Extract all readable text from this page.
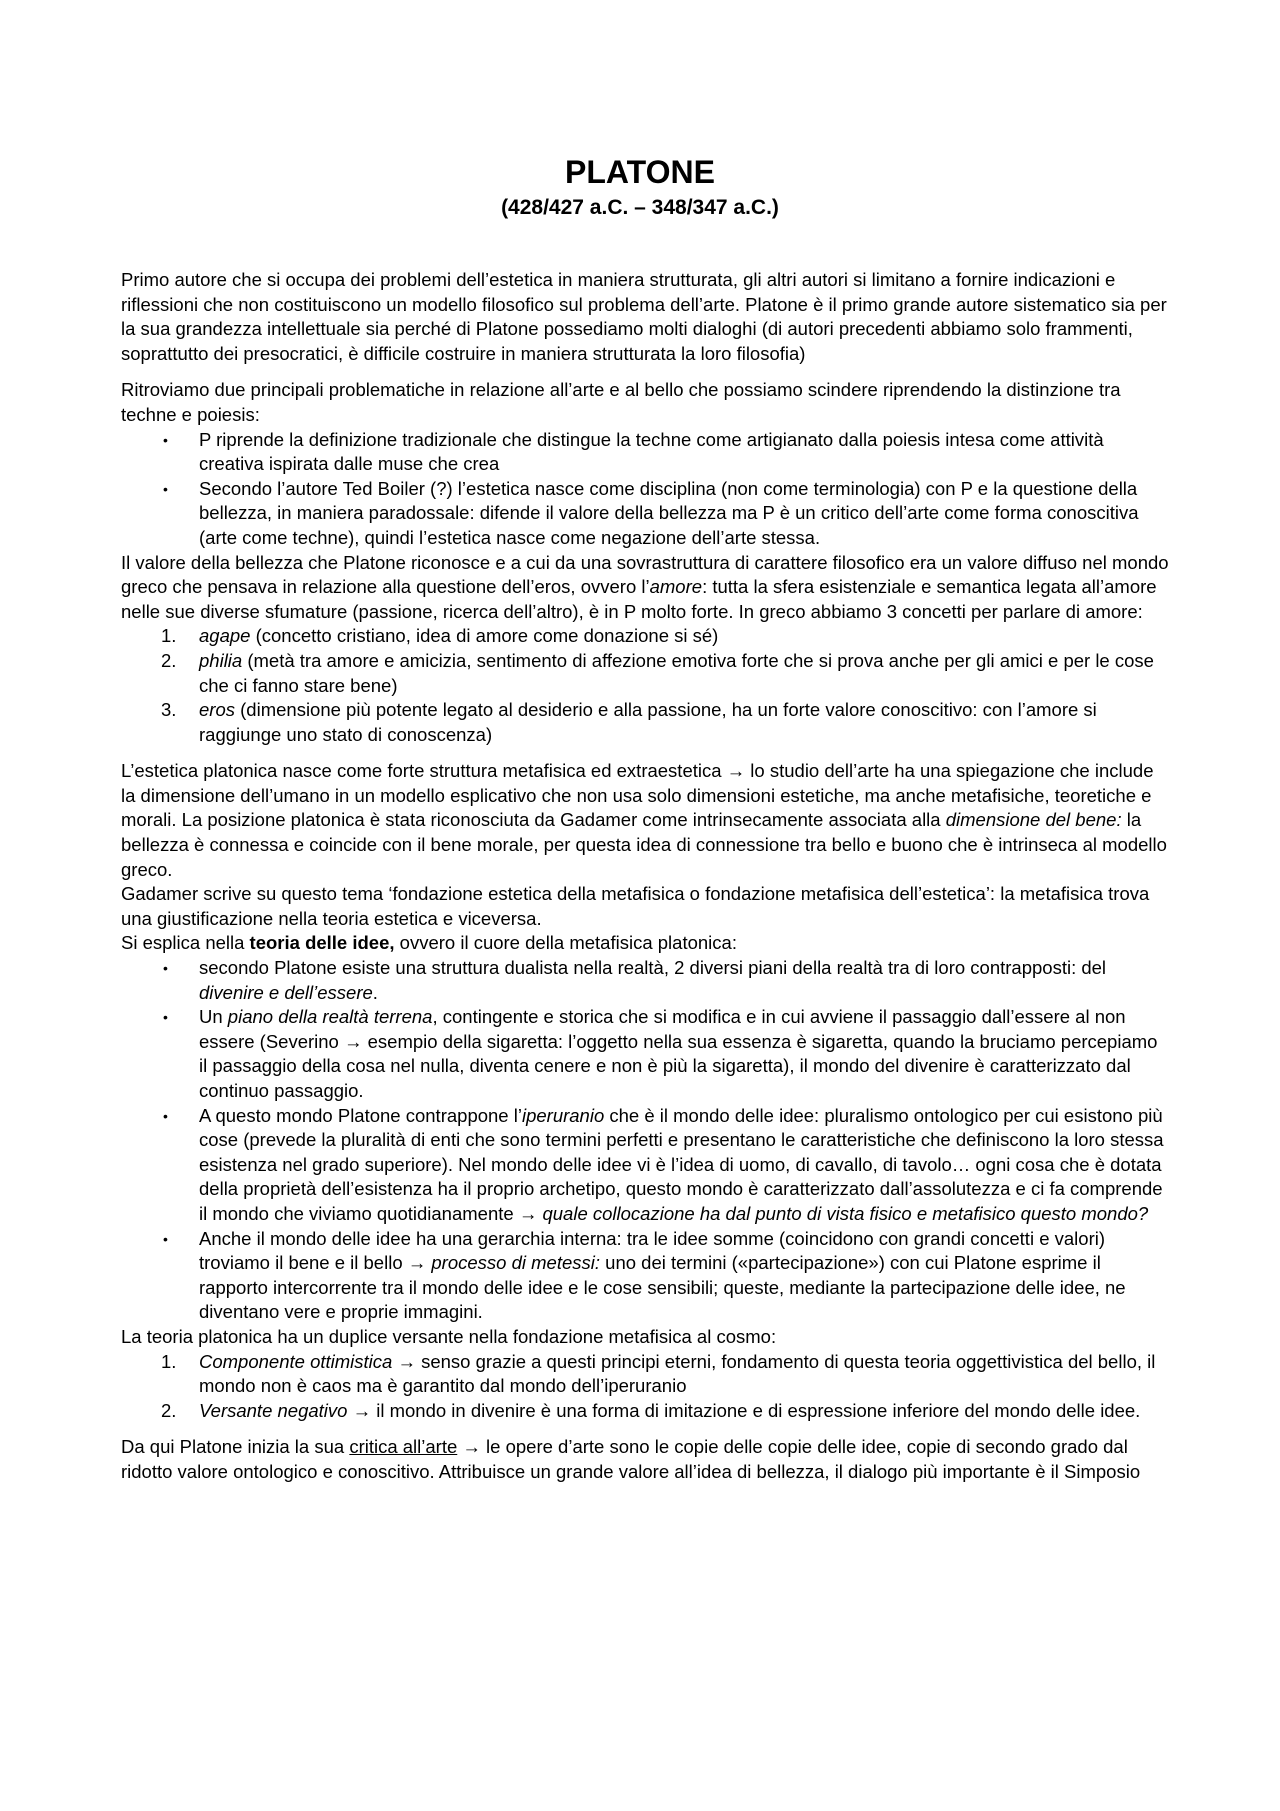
PLATONE
(428/427 a.C. – 348/347 a.C.)

Primo autore che si occupa dei problemi dell’estetica in maniera strutturata, gli altri autori si limitano a fornire indicazioni e riflessioni che non costituiscono un modello filosofico sul problema dell’arte. Platone è il primo grande autore sistematico sia per la sua grandezza intellettuale sia perché di Platone possediamo molti dialoghi (di autori precedenti abbiamo solo frammenti, soprattutto dei presocratici, è difficile costruire in maniera strutturata la loro filosofia)

Ritroviamo due principali problematiche in relazione all’arte e al bello che possiamo scindere riprendendo la distinzione tra techne e poiesis:

• P riprende la definizione tradizionale che distingue la techne come artigianato dalla poiesis intesa come attività creativa ispirata dalle muse che crea
• Secondo l’autore Ted Boiler (?) l’estetica nasce come disciplina (non come terminologia) con P e la questione della bellezza, in maniera paradossale: difende il valore della bellezza ma P è un critico dell’arte come forma conoscitiva (arte come techne), quindi l’estetica nasce come negazione dell’arte stessa.

Il valore della bellezza che Platone riconosce e a cui da una sovrastruttura di carattere filosofico era un valore diffuso nel mondo greco che pensava in relazione alla questione dell’eros, ovvero l’amore: tutta la sfera esistenziale e semantica legata all’amore nelle sue diverse sfumature (passione, ricerca dell’altro), è in P molto forte. In greco abbiamo 3 concetti per parlare di amore:

1. agape (concetto cristiano, idea di amore come donazione si sé)
2. philia (metà tra amore e amicizia, sentimento di affezione emotiva forte che si prova anche per gli amici e per le cose che ci fanno stare bene)
3. eros (dimensione più potente legato al desiderio e alla passione, ha un forte valore conoscitivo: con l’amore si raggiunge uno stato di conoscenza)

L’estetica platonica nasce come forte struttura metafisica ed extraestetica → lo studio dell’arte ha una spiegazione che include la dimensione dell’umano in un modello esplicativo che non usa solo dimensioni estetiche, ma anche metafisiche, teoretiche e morali. La posizione platonica è stata riconosciuta da Gadamer come intrinsecamente associata alla dimensione del bene: la bellezza è connessa e coincide con il bene morale, per questa idea di connessione tra bello e buono che è intrinseca al modello greco.

Gadamer scrive su questo tema ‘fondazione estetica della metafisica o fondazione metafisica dell’estetica’: la metafisica trova una giustificazione nella teoria estetica e viceversa.

Si esplica nella teoria delle idee, ovvero il cuore della metafisica platonica:

• secondo Platone esiste una struttura dualista nella realtà, 2 diversi piani della realtà tra di loro contrapposti: del divenire e dell’essere.
• Un piano della realtà terrena, contingente e storica che si modifica e in cui avviene il passaggio dall’essere al non essere (Severino → esempio della sigaretta: l’oggetto nella sua essenza è sigaretta, quando la bruciamo percepiamo il passaggio della cosa nel nulla, diventa cenere e non è più la sigaretta), il mondo del divenire è caratterizzato dal continuo passaggio.
• A questo mondo Platone contrappone l’iperuranio che è il mondo delle idee: pluralismo ontologico per cui esistono più cose (prevede la pluralità di enti che sono termini perfetti e presentano le caratteristiche che definiscono la loro stessa esistenza nel grado superiore). Nel mondo delle idee vi è l’idea di uomo, di cavallo, di tavolo… ogni cosa che è dotata della proprietà dell’esistenza ha il proprio archetipo, questo mondo è caratterizzato dall’assolutezza e ci fa comprende il mondo che viviamo quotidianamente → quale collocazione ha dal punto di vista fisico e metafisico questo mondo?
• Anche il mondo delle idee ha una gerarchia interna: tra le idee somme (coincidono con grandi concetti e valori) troviamo il bene e il bello → processo di metessi: uno dei termini («partecipazione») con cui Platone esprime il rapporto intercorrente tra il mondo delle idee e le cose sensibili; queste, mediante la partecipazione delle idee, ne diventano vere e proprie immagini.

La teoria platonica ha un duplice versante nella fondazione metafisica al cosmo:

1. Componente ottimistica → senso grazie a questi principi eterni, fondamento di questa teoria oggettivistica del bello, il mondo non è caos ma è garantito dal mondo dell’iperuranio
2. Versante negativo → il mondo in divenire è una forma di imitazione e di espressione inferiore del mondo delle idee.

Da qui Platone inizia la sua critica all’arte → le opere d’arte sono le copie delle copie delle idee, copie di secondo grado dal ridotto valore ontologico e conoscitivo. Attribuisce un grande valore all’idea di bellezza, il dialogo più importante è il Simposio
